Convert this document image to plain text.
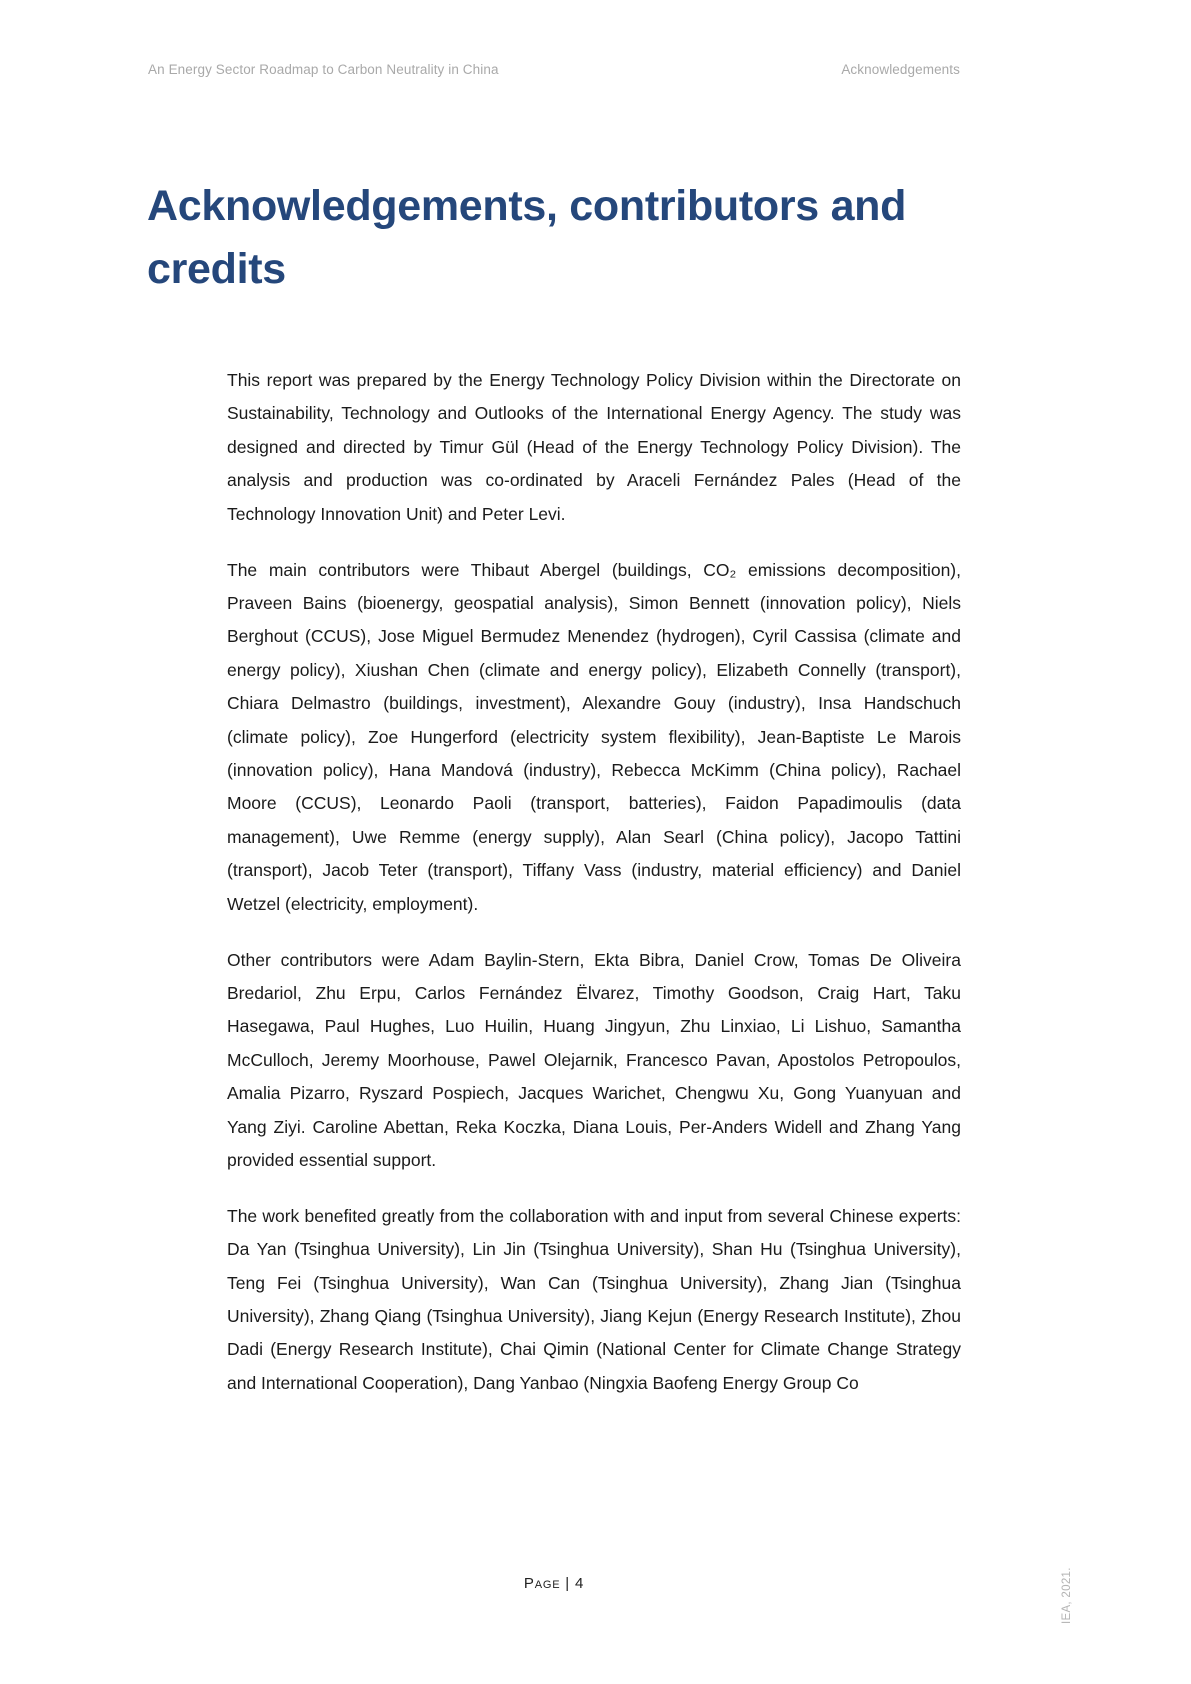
An Energy Sector Roadmap to Carbon Neutrality in China	Acknowledgements
Acknowledgements, contributors and credits

This report was prepared by the Energy Technology Policy Division within the Directorate on Sustainability, Technology and Outlooks of the International Energy Agency. The study was designed and directed by Timur Gül (Head of the Energy Technology Policy Division). The analysis and production was co-ordinated by Araceli Fernández Pales (Head of the Technology Innovation Unit) and Peter Levi.

The main contributors were Thibaut Abergel (buildings, CO₂ emissions decomposition), Praveen Bains (bioenergy, geospatial analysis), Simon Bennett (innovation policy), Niels Berghout (CCUS), Jose Miguel Bermudez Menendez (hydrogen), Cyril Cassisa (climate and energy policy), Xiushan Chen (climate and energy policy), Elizabeth Connelly (transport), Chiara Delmastro (buildings, investment), Alexandre Gouy (industry), Insa Handschuch (climate policy), Zoe Hungerford (electricity system flexibility), Jean-Baptiste Le Marois (innovation policy), Hana Mandová (industry), Rebecca McKimm (China policy), Rachael Moore (CCUS), Leonardo Paoli (transport, batteries), Faidon Papadimoulis (data management), Uwe Remme (energy supply), Alan Searl (China policy), Jacopo Tattini (transport), Jacob Teter (transport), Tiffany Vass (industry, material efficiency) and Daniel Wetzel (electricity, employment).

Other contributors were Adam Baylin-Stern, Ekta Bibra, Daniel Crow, Tomas De Oliveira Bredariol, Zhu Erpu, Carlos Fernández Ëlvarez, Timothy Goodson, Craig Hart, Taku Hasegawa, Paul Hughes, Luo Huilin, Huang Jingyun, Zhu Linxiao, Li Lishuo, Samantha McCulloch, Jeremy Moorhouse, Pawel Olejarnik, Francesco Pavan, Apostolos Petropoulos, Amalia Pizarro, Ryszard Pospiech, Jacques Warichet, Chengwu Xu, Gong Yuanyuan and Yang Ziyi. Caroline Abettan, Reka Koczka, Diana Louis, Per-Anders Widell and Zhang Yang provided essential support.

The work benefited greatly from the collaboration with and input from several Chinese experts: Da Yan (Tsinghua University), Lin Jin (Tsinghua University), Shan Hu (Tsinghua University), Teng Fei (Tsinghua University), Wan Can (Tsinghua University), Zhang Jian (Tsinghua University), Zhang Qiang (Tsinghua University), Jiang Kejun (Energy Research Institute), Zhou Dadi (Energy Research Institute), Chai Qimin (National Center for Climate Change Strategy and International Cooperation), Dang Yanbao (Ningxia Baofeng Energy Group Co

Page | 4	IEA, 2021.
